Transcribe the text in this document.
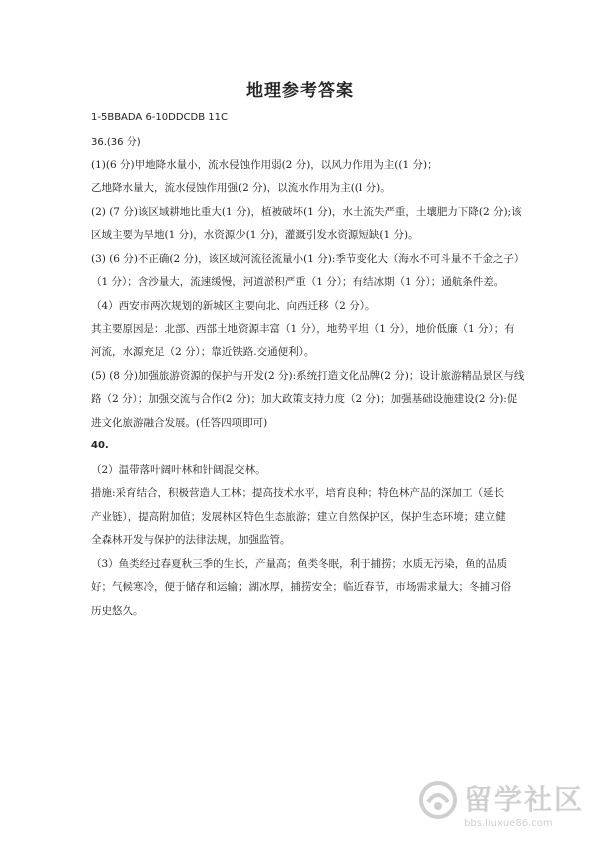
地理参考答案
1-5BBADA 6-10DDCDB 11C
36.(36 分)
(1)(6 分)甲地降水量小，流水侵蚀作用弱(2 分)，以风力作用为主((1 分)；
乙地降水量大，流水侵蚀作用强(2 分)，以流水作用为主((l 分)。
(2) (7 分)该区域耕地比重大(1 分)，植被破坏(1 分)，水土流失严重，土壤肥力下降(2 分);该
区域主要为旱地(1 分)，水资源少(1 分)，灌溉引发水资源短缺(1 分)。
(3) (6 分)不正确(2 分)，该区域河流径流量小(1 分):季节变化大（海水不可斗量不千金之子）
（1 分）；含沙量大，流速缓慢，河道淤积严重（1 分）；有结冰期（1 分）；通航条件差。
（4）西安市两次规划的新城区主要向北、向西迁移（2 分）。
其主要原因是：北部、西部土地资源丰富（1 分），地势平坦（1 分），地价低廉（1 分）；有
河流，水源充足（2 分）；靠近铁路.交通便利）。
(5) (8 分)加强旅游资源的保护与开发(2 分):系统打造文化品牌(2 分)；设计旅游精品景区与线
路（2 分）；加强交流与合作(2 分)；加大政策支持力度（2 分)；加强基础设施建设(2 分):促
进文化旅游融合发展。(任答四项即可)
40.
（2）温带落叶阔叶林和针阔混交林。
措施:采育结合，积极营造人工林；提高技术水平，培育良种；特色林产品的深加工（延长
产业链），提高附加值；发展林区特色生态旅游；建立自然保护区，保护生态环境；建立健
全森林开发与保护的法律法规，加强监管。
（3）鱼类经过春夏秋三季的生长，产量高；鱼类冬眠，利于捕捞；水质无污染，鱼的品质
好；气候寒冷，便于储存和运输；湖冰厚，捕捞安全；临近春节，市场需求量大；冬捕习俗
历史悠久。
留学社区
bbs.liuxue86.com
